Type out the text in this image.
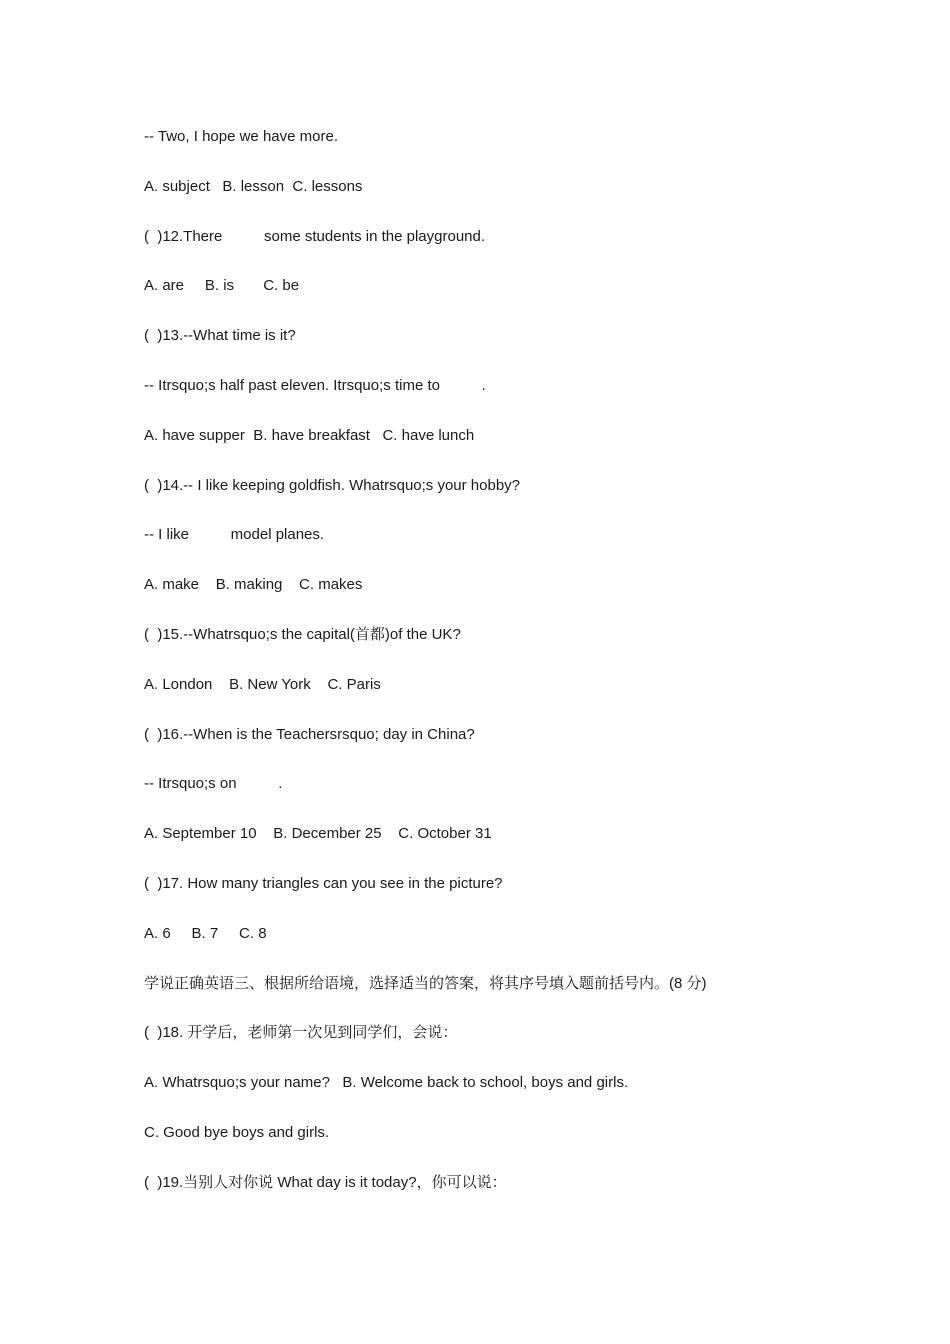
-- Two, I hope we have more.
A. subject   B. lesson  C. lessons
(  )12.There          some students in the playground.
A. are     B. is       C. be
(  )13.--What time is it?
-- Itrsquo;s half past eleven. Itrsquo;s time to          .
A. have supper  B. have breakfast   C. have lunch
(  )14.-- I like keeping goldfish. Whatrsquo;s your hobby?
-- I like          model planes.
A. make    B. making    C. makes
(  )15.--Whatrsquo;s the capital(首都)of the UK?
A. London    B. New York    C. Paris
(  )16.--When is the Teachersrsquo; day in China?
-- Itrsquo;s on          .
A. September 10    B. December 25    C. October 31
(  )17. How many triangles can you see in the picture?
A. 6     B. 7     C. 8
学说正确英语三、根据所给语境，选择适当的答案，将其序号填入题前括号内。(8 分)
(  )18. 开学后，老师第一次见到同学们，会说：
A. Whatrsquo;s your name?   B. Welcome back to school, boys and girls.
C. Good bye boys and girls.
(  )19.当别人对你说 What day is it today?，你可以说：
